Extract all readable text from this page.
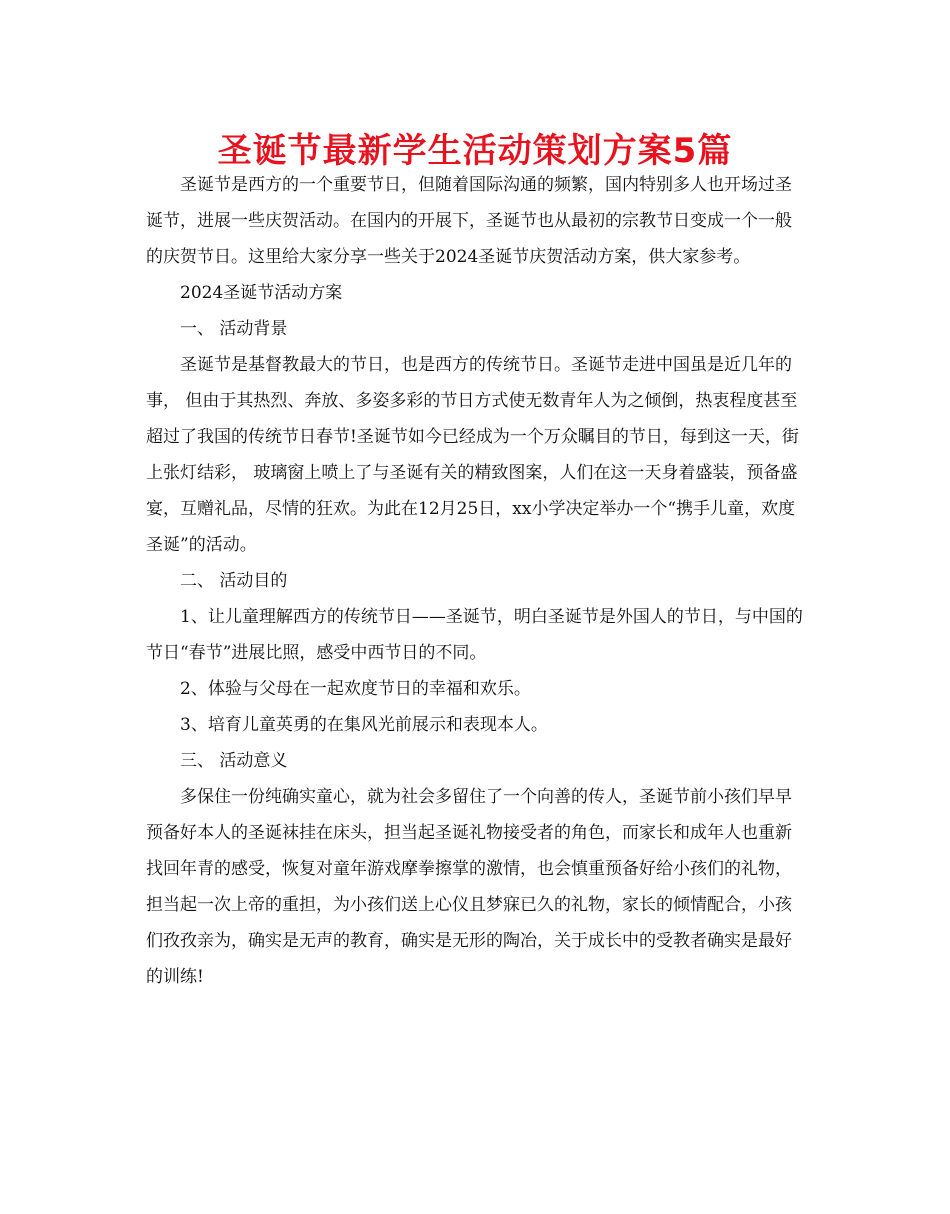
圣诞节最新学生活动策划方案5篇

圣诞节是西方的一个重要节日，但随着国际沟通的频繁，国内特别多人也开场过圣诞节，进展一些庆贺活动。在国内的开展下，圣诞节也从最初的宗教节日变成一个一般的庆贺节日。这里给大家分享一些关于2024圣诞节庆贺活动方案，供大家参考。

2024圣诞节活动方案

一、 活动背景

圣诞节是基督教最大的节日，也是西方的传统节日。圣诞节走进中国虽是近几年的事， 但由于其热烈、奔放、多姿多彩的节日方式使无数青年人为之倾倒，热衷程度甚至超过了我国的传统节日春节!圣诞节如今已经成为一个万众瞩目的节日，每到这一天，街上张灯结彩， 玻璃窗上喷上了与圣诞有关的精致图案，人们在这一天身着盛装，预备盛宴，互赠礼品，尽情的狂欢。为此在12月25日，xx小学决定举办一个“携手儿童，欢度圣诞”的活动。

二、 活动目的

1、让儿童理解西方的传统节日——圣诞节，明白圣诞节是外国人的节日，与中国的节日“春节”进展比照，感受中西节日的不同。

2、体验与父母在一起欢度节日的幸福和欢乐。

3、培育儿童英勇的在集风光前展示和表现本人。

三、 活动意义

多保住一份纯确实童心，就为社会多留住了一个向善的传人，圣诞节前小孩们早早预备好本人的圣诞袜挂在床头，担当起圣诞礼物接受者的角色，而家长和成年人也重新找回年青的感受，恢复对童年游戏摩拳擦掌的激情，也会慎重预备好给小孩们的礼物，担当起一次上帝的重担，为小孩们送上心仪且梦寐已久的礼物，家长的倾情配合，小孩们孜孜亲为，确实是无声的教育，确实是无形的陶冶，关于成长中的受教者确实是最好的训练!
